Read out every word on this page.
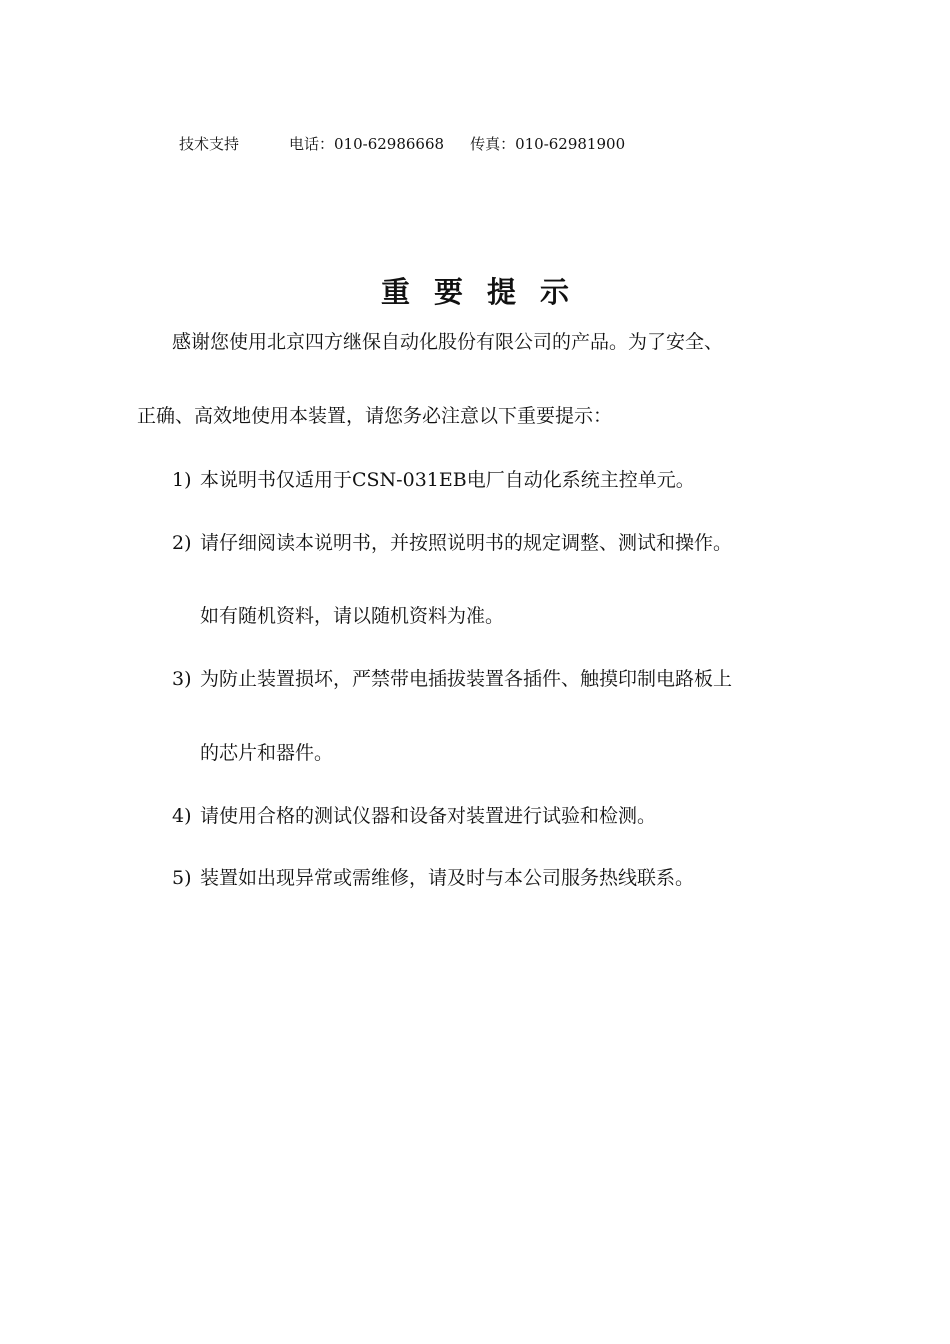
技术支持	电话：010-62986668 传真：010-62981900
重要提示
感谢您使用北京四方继保自动化股份有限公司的产品。为了安全、
正确、高效地使用本装置，请您务必注意以下重要提示：
1) 本说明书仅适用于CSN-031EB电厂自动化系统主控单元。
2) 请仔细阅读本说明书，并按照说明书的规定调整、测试和操作。
如有随机资料，请以随机资料为准。
3) 为防止装置损坏，严禁带电插拔装置各插件、触摸印制电路板上
的芯片和器件。
4) 请使用合格的测试仪器和设备对装置进行试验和检测。
5) 装置如出现异常或需维修，请及时与本公司服务热线联系。
